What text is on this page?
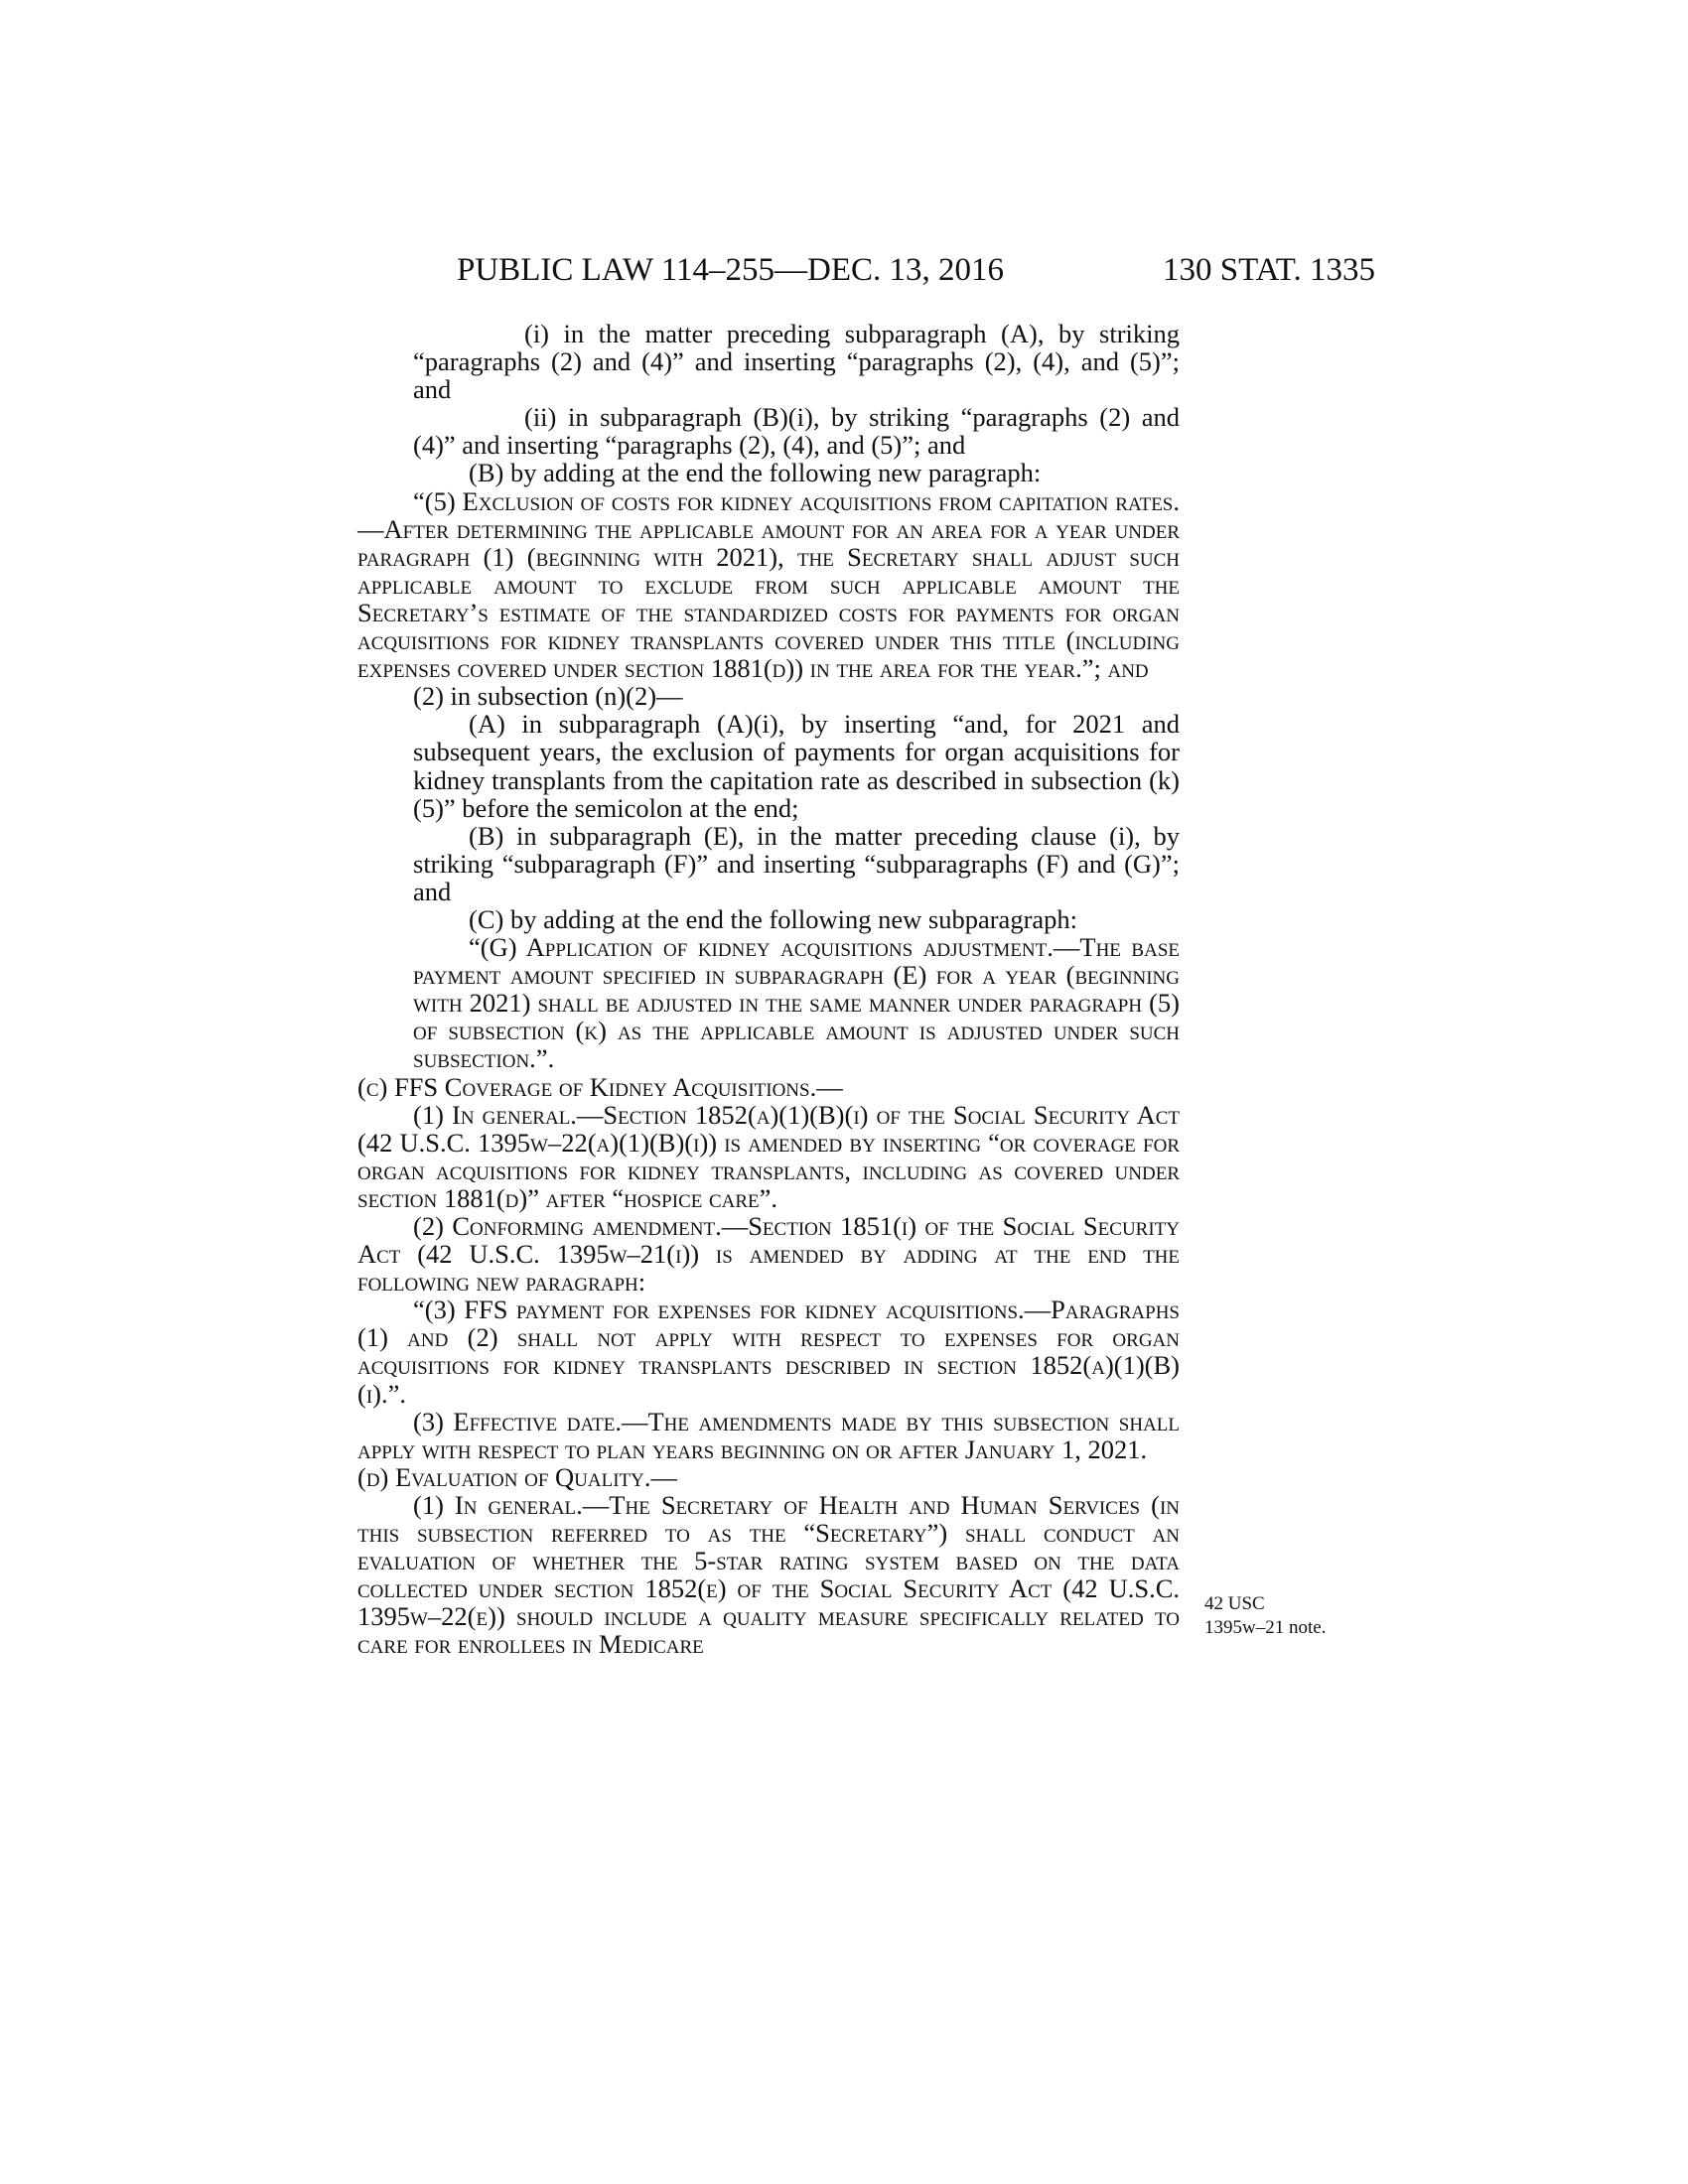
PUBLIC LAW 114–255—DEC. 13, 2016	130 STAT. 1335

(i) in the matter preceding subparagraph (A), by striking “paragraphs (2) and (4)” and inserting “paragraphs (2), (4), and (5)”; and

(ii) in subparagraph (B)(i), by striking “paragraphs (2) and (4)” and inserting “paragraphs (2), (4), and (5)”; and

(B) by adding at the end the following new paragraph:

“(5) Exclusion of costs for kidney acquisitions from capitation rates.—After determining the applicable amount for an area for a year under paragraph (1) (beginning with 2021), the Secretary shall adjust such applicable amount to exclude from such applicable amount the Secretary’s estimate of the standardized costs for payments for organ acquisitions for kidney transplants covered under this title (including expenses covered under section 1881(d)) in the area for the year.”; and

(2) in subsection (n)(2)—

(A) in subparagraph (A)(i), by inserting “and, for 2021 and subsequent years, the exclusion of payments for organ acquisitions for kidney transplants from the capitation rate as described in subsection (k)(5)” before the semicolon at the end;

(B) in subparagraph (E), in the matter preceding clause (i), by striking “subparagraph (F)” and inserting “subparagraphs (F) and (G)”; and

(C) by adding at the end the following new subparagraph:

“(G) Application of kidney acquisitions adjustment.—The base payment amount specified in subparagraph (E) for a year (beginning with 2021) shall be adjusted in the same manner under paragraph (5) of subsection (k) as the applicable amount is adjusted under such subsection.”.

(c) FFS Coverage of Kidney Acquisitions.—

(1) In general.—Section 1852(a)(1)(B)(i) of the Social Security Act (42 U.S.C. 1395w–22(a)(1)(B)(i)) is amended by inserting “or coverage for organ acquisitions for kidney transplants, including as covered under section 1881(d)” after “hospice care”.

(2) Conforming amendment.—Section 1851(i) of the Social Security Act (42 U.S.C. 1395w–21(i)) is amended by adding at the end the following new paragraph:

“(3) FFS payment for expenses for kidney acquisitions.—Paragraphs (1) and (2) shall not apply with respect to expenses for organ acquisitions for kidney transplants described in section 1852(a)(1)(B)(i).”.

(3) Effective date.—The amendments made by this subsection shall apply with respect to plan years beginning on or after January 1, 2021.

(d) Evaluation of Quality.—

(1) In general.—The Secretary of Health and Human Services (in this subsection referred to as the “Secretary”) shall conduct an evaluation of whether the 5-star rating system based on the data collected under section 1852(e) of the Social Security Act (42 U.S.C. 1395w–22(e)) should include a quality measure specifically related to care for enrollees in Medicare

42 USC
1395w–21 note.
